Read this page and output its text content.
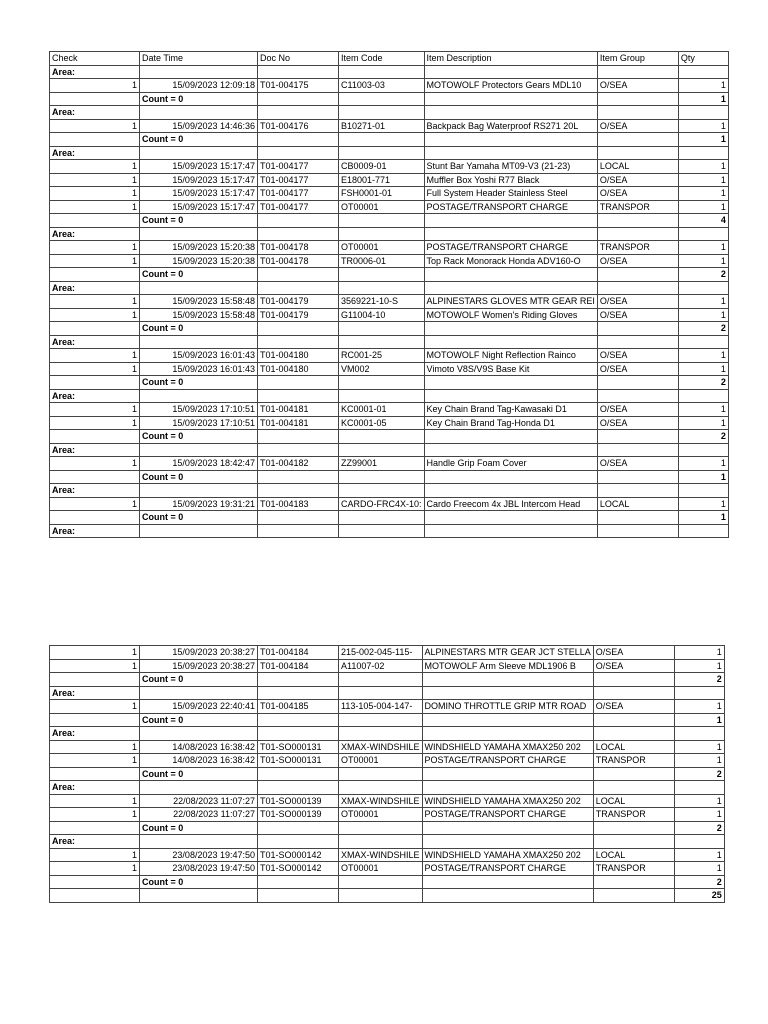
Check	Date Time	Doc No	Item Code	Item Description	Item Group	Qty
Area:						
1	15/09/2023 12:09:18	T01-004175	C11003-03	MOTOWOLF Protectors Gears MDL10	O/SEA	1
	Count = 0					1
Area:						
1	15/09/2023 14:46:36	T01-004176	B10271-01	Backpack Bag Waterproof RS271 20L	O/SEA	1
	Count = 0					1
Area:						
1	15/09/2023 15:17:47	T01-004177	CB0009-01	Stunt Bar Yamaha MT09-V3 (21-23)	LOCAL	1
1	15/09/2023 15:17:47	T01-004177	E18001-771	Muffler Box Yoshi R77 Black	O/SEA	1
1	15/09/2023 15:17:47	T01-004177	FSH0001-01	Full System Header Stainless Steel	O/SEA	1
1	15/09/2023 15:17:47	T01-004177	OT00001	POSTAGE/TRANSPORT CHARGE	TRANSPOR	1
	Count = 0					4
Area:						
1	15/09/2023 15:20:38	T01-004178	OT00001	POSTAGE/TRANSPORT CHARGE	TRANSPOR	1
1	15/09/2023 15:20:38	T01-004178	TR0006-01	Top Rack Monorack Honda ADV160-O	O/SEA	1
	Count = 0					2
Area:						
1	15/09/2023 15:58:48	T01-004179	3569221-10-S	ALPINESTARS GLOVES MTR GEAR REI	O/SEA	1
1	15/09/2023 15:58:48	T01-004179	G11004-10	MOTOWOLF Women's Riding Gloves	O/SEA	1
	Count = 0					2
Area:						
1	15/09/2023 16:01:43	T01-004180	RC001-25	MOTOWOLF Night Reflection Rainco	O/SEA	1
1	15/09/2023 16:01:43	T01-004180	VM002	Vimoto V8S/V9S Base Kit	O/SEA	1
	Count = 0					2
Area:						
1	15/09/2023 17:10:51	T01-004181	KC0001-01	Key Chain Brand Tag-Kawasaki D1	O/SEA	1
1	15/09/2023 17:10:51	T01-004181	KC0001-05	Key Chain Brand Tag-Honda D1	O/SEA	1
	Count = 0					2
Area:						
1	15/09/2023 18:42:47	T01-004182	ZZ99001	Handle Grip Foam Cover	O/SEA	1
	Count = 0					1
Area:						
1	15/09/2023 19:31:21	T01-004183	CARDO-FRC4X-10:	Cardo Freecom 4x JBL Intercom Head	LOCAL	1
	Count = 0					1
Area:						
1	15/09/2023 20:38:27	T01-004184	215-002-045-115-	ALPINESTARS MTR GEAR JCT STELLA	O/SEA	1
1	15/09/2023 20:38:27	T01-004184	A11007-02	MOTOWOLF Arm Sleeve MDL1906 B	O/SEA	1
	Count = 0					2
Area:						
1	15/09/2023 22:40:41	T01-004185	113-105-004-147-	DOMINO THROTTLE GRIP MTR ROAD	O/SEA	1
	Count = 0					1
Area:						
1	14/08/2023 16:38:42	T01-SO000131	XMAX-WINDSHILE	WINDSHIELD YAMAHA XMAX250 202	LOCAL	1
1	14/08/2023 16:38:42	T01-SO000131	OT00001	POSTAGE/TRANSPORT CHARGE	TRANSPOR	1
	Count = 0					2
Area:						
1	22/08/2023 11:07:27	T01-SO000139	XMAX-WINDSHILE	WINDSHIELD YAMAHA XMAX250 202	LOCAL	1
1	22/08/2023 11:07:27	T01-SO000139	OT00001	POSTAGE/TRANSPORT CHARGE	TRANSPOR	1
	Count = 0					2
Area:						
1	23/08/2023 19:47:50	T01-SO000142	XMAX-WINDSHILE	WINDSHIELD YAMAHA XMAX250 202	LOCAL	1
1	23/08/2023 19:47:50	T01-SO000142	OT00001	POSTAGE/TRANSPORT CHARGE	TRANSPOR	1
	Count = 0					2
						25
